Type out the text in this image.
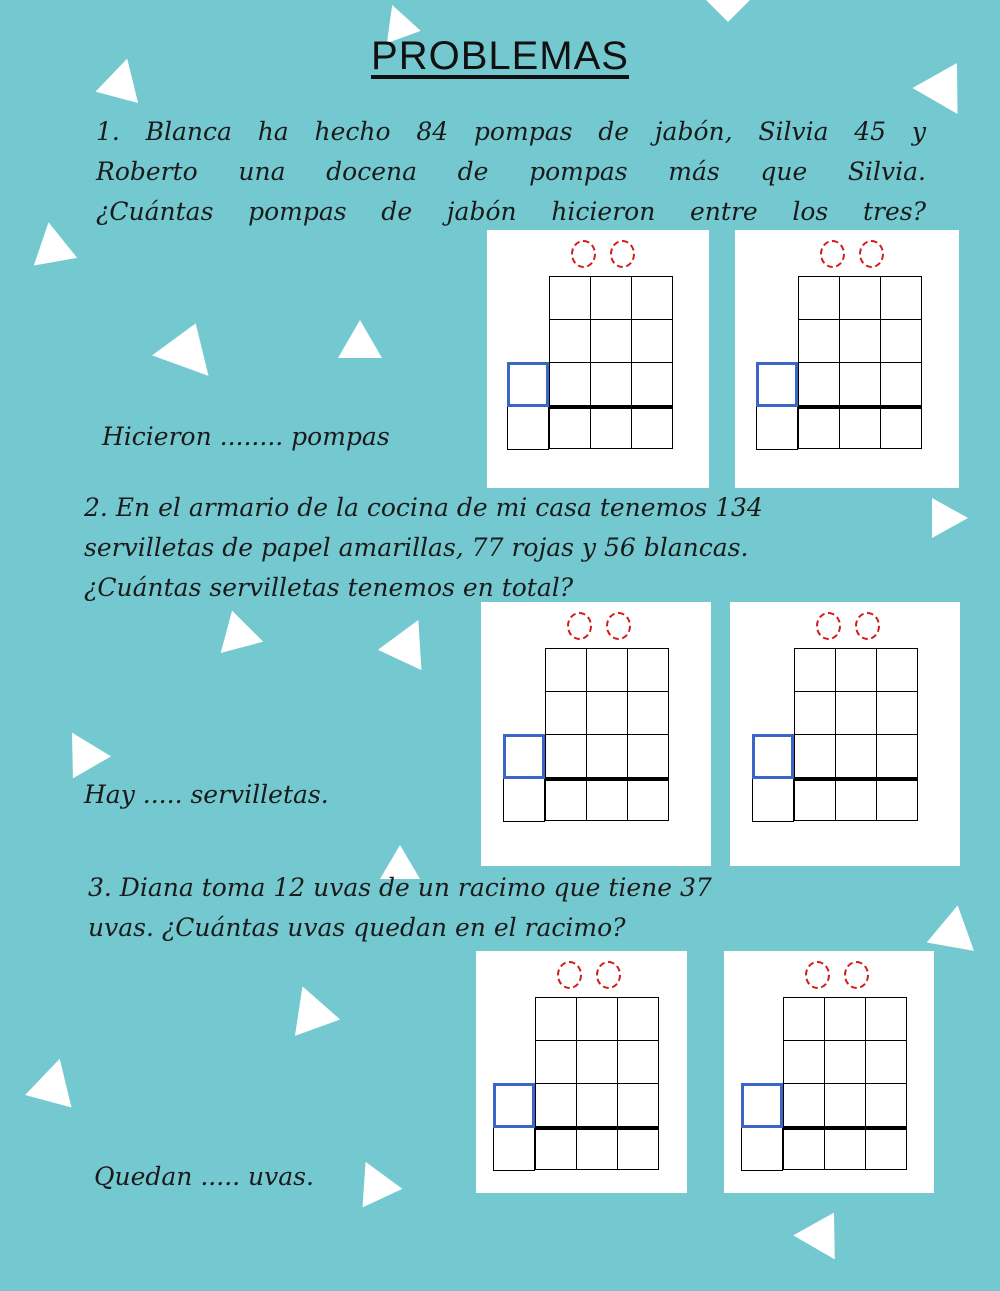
PROBLEMAS
1. Blanca ha hecho 84 pompas de jabón, Silvia 45 y
Roberto una docena de pompas más que Silvia.
¿Cuántas pompas de jabón hicieron entre los tres?
Hicieron ........ pompas
2. En el armario de la cocina de mi casa tenemos 134
servilletas de papel amarillas, 77 rojas y 56 blancas.
¿Cuántas servilletas tenemos en total?
Hay ..... servilletas.
3. Diana toma 12 uvas de un racimo que tiene 37
uvas. ¿Cuántas uvas quedan en el racimo?
Quedan ..... uvas.
